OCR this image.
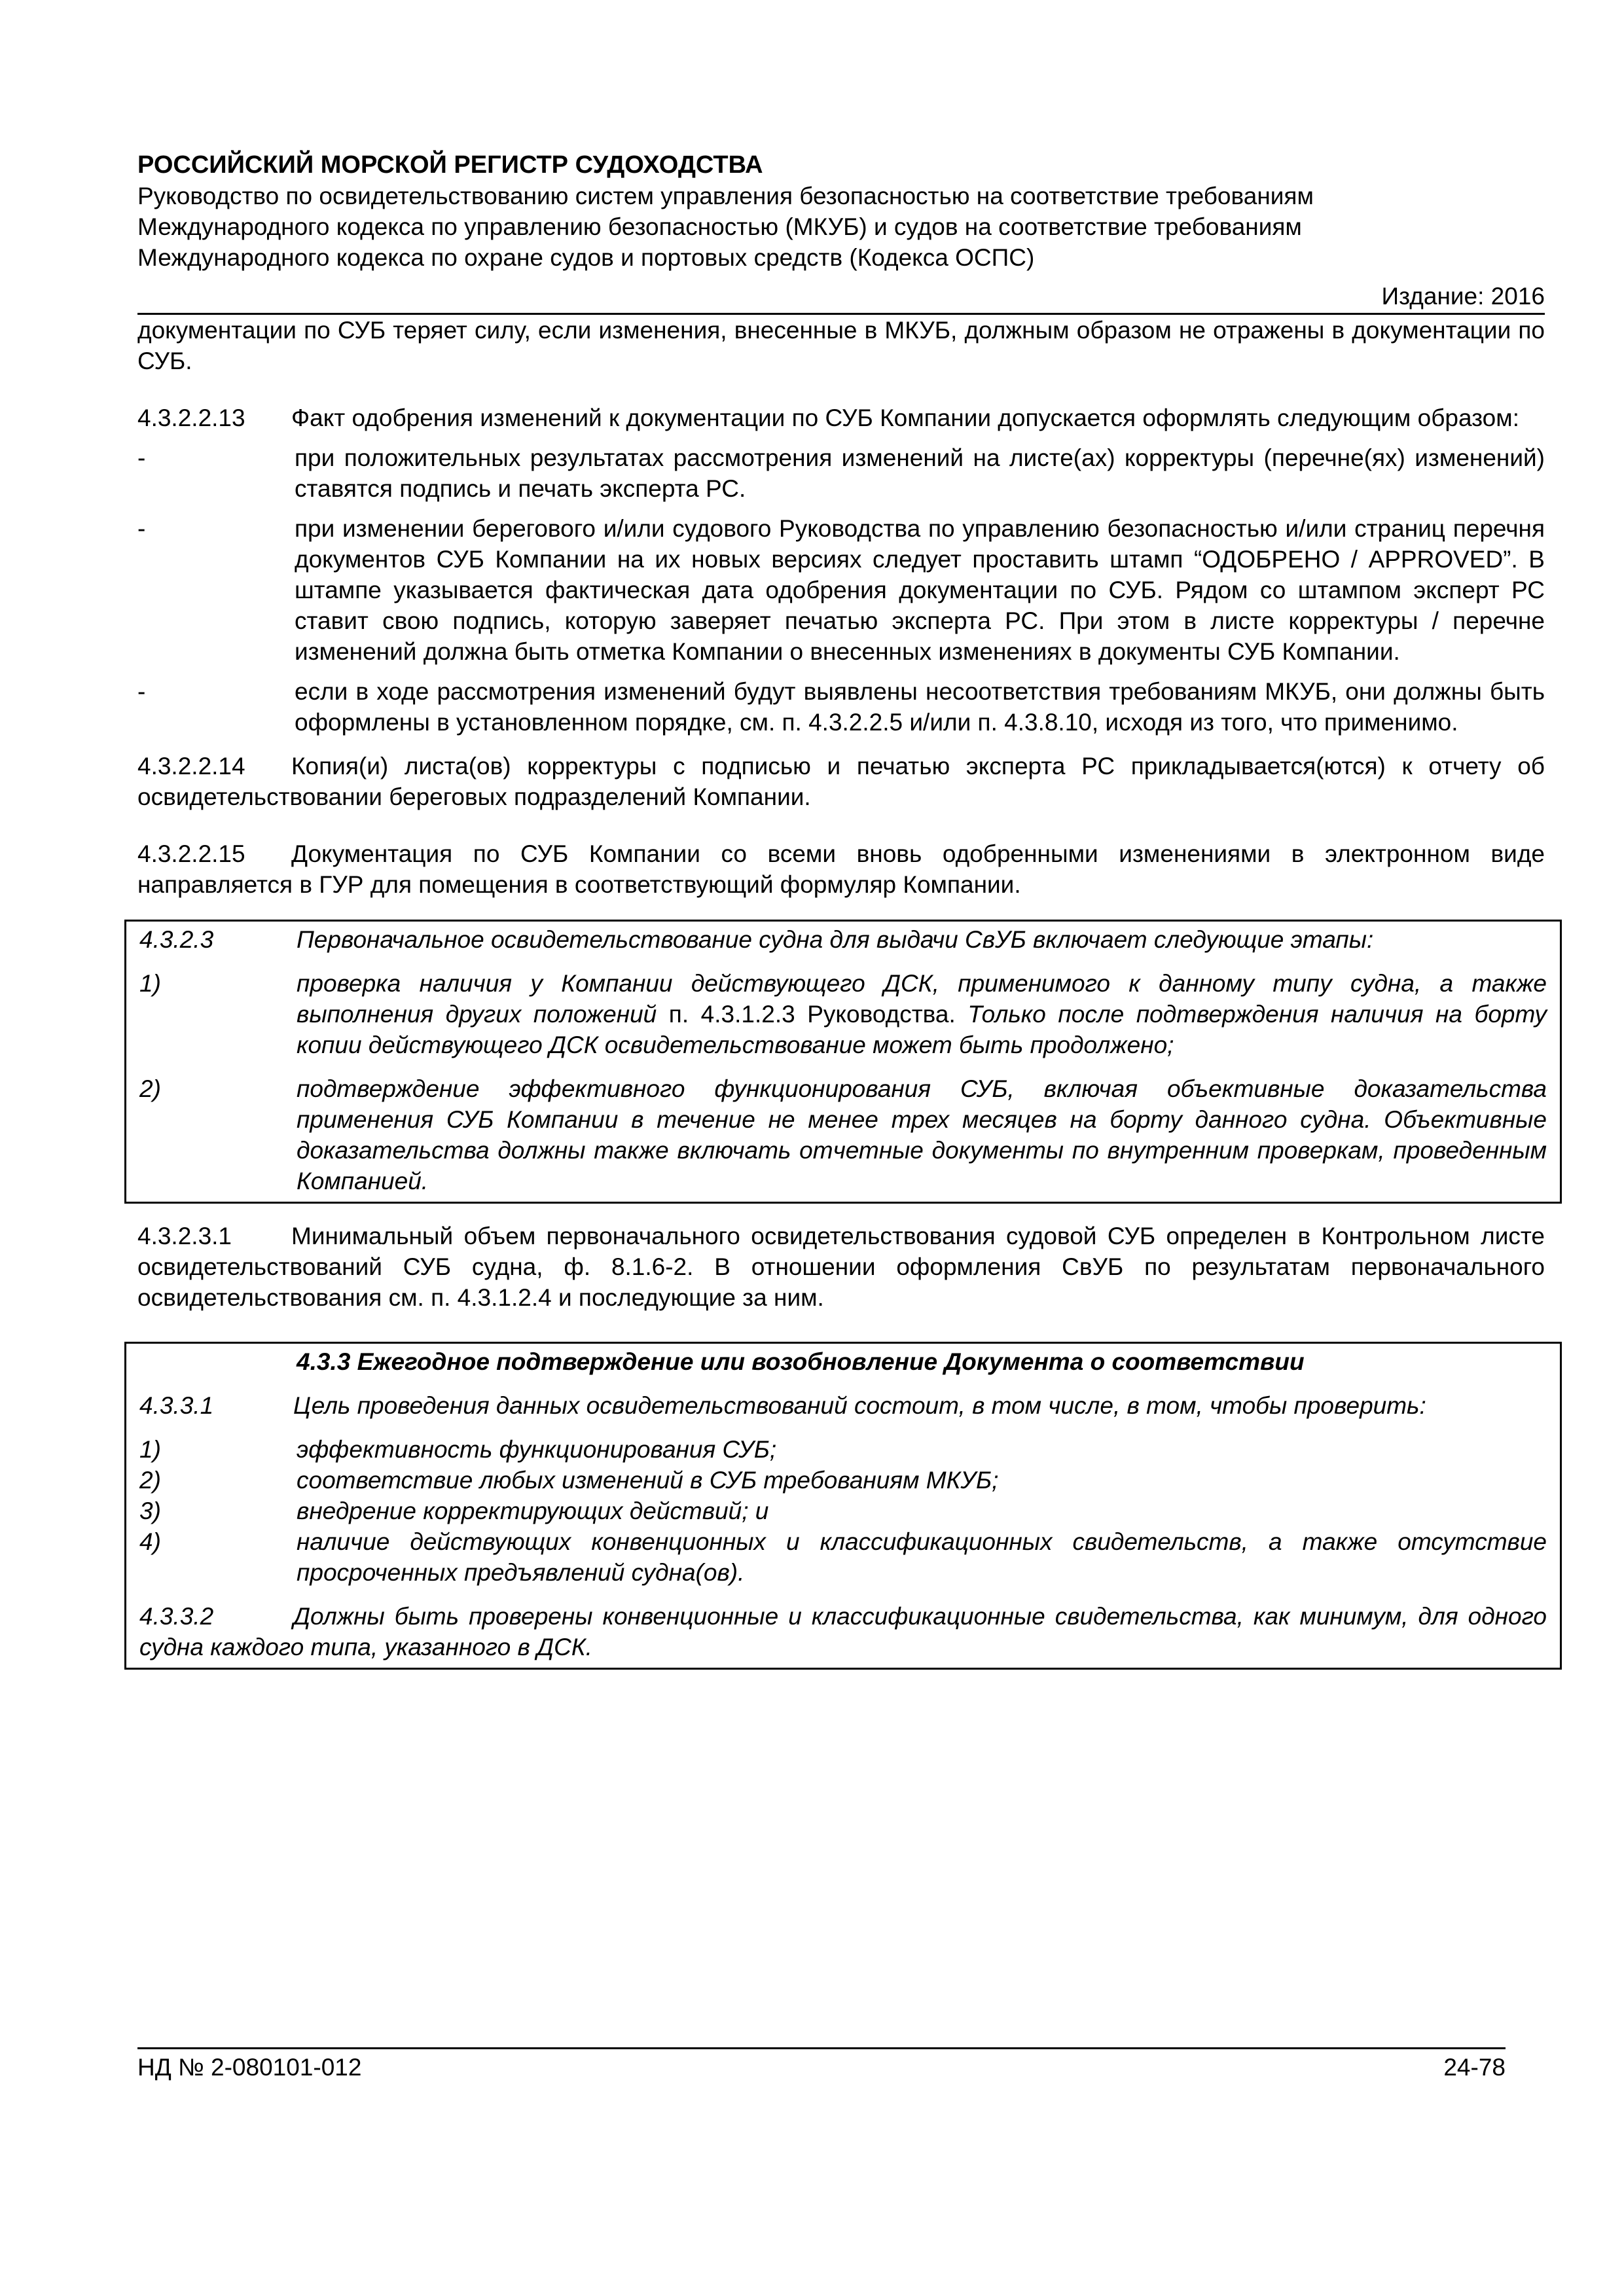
РОССИЙСКИЙ МОРСКОЙ РЕГИСТР СУДОХОДСТВА
Руководство по освидетельствованию систем управления безопасностью на соответствие требованиям
Международного кодекса по управлению безопасностью (МКУБ) и судов на соответствие требованиям
Международного кодекса по охране судов и портовых средств (Кодекса ОСПС)
Издание: 2016
документации по СУБ теряет силу, если изменения, внесенные в МКУБ, должным образом не отражены в документации по СУБ.
4.3.2.2.13 Факт одобрения изменений к документации по СУБ Компании допускается оформлять следующим образом:
-	при положительных результатах рассмотрения изменений на листе(ах) корректуры (перечне(ях) изменений) ставятся подпись и печать эксперта РС.
-	при изменении берегового и/или судового Руководства по управлению безопасностью и/или страниц перечня документов СУБ Компании на их новых версиях следует проставить штамп “ОДОБРЕНО / APPROVED”. В штампе указывается фактическая дата одобрения документации по СУБ. Рядом со штампом эксперт РС ставит свою подпись, которую заверяет печатью эксперта РС. При этом в листе корректуры / перечне изменений должна быть отметка Компании о внесенных изменениях в документы СУБ Компании.
-	если в ходе рассмотрения изменений будут выявлены несоответствия требованиям МКУБ, они должны быть оформлены в установленном порядке, см. п. 4.3.2.2.5 и/или п. 4.3.8.10, исходя из того, что применимо.
4.3.2.2.14 Копия(и) листа(ов) корректуры с подписью и печатью эксперта РС прикладывается(ются) к отчету об освидетельствовании береговых подразделений Компании.
4.3.2.2.15 Документация по СУБ Компании со всеми вновь одобренными изменениями в электронном виде направляется в ГУР для помещения в соответствующий формуляр Компании.
4.3.2.3	Первоначальное освидетельствование судна для выдачи СвУБ включает следующие этапы:
1)	проверка наличия у Компании действующего ДСК, применимого к данному типу судна, а также выполнения других положений п. 4.3.1.2.3 Руководства. Только после подтверждения наличия на борту копии действующего ДСК освидетельствование может быть продолжено;
2)	подтверждение эффективного функционирования СУБ, включая объективные доказательства применения СУБ Компании в течение не менее трех месяцев на борту данного судна. Объективные доказательства должны также включать отчетные документы по внутренним проверкам, проведенным Компанией.
4.3.2.3.1 Минимальный объем первоначального освидетельствования судовой СУБ определен в Контрольном листе освидетельствований СУБ судна, ф. 8.1.6-2. В отношении оформления СвУБ по результатам первоначального освидетельствования см. п. 4.3.1.2.4 и последующие за ним.
4.3.3 Ежегодное подтверждение или возобновление Документа о соответствии
4.3.3.1	Цель проведения данных освидетельствований состоит, в том числе, в том, чтобы проверить:
1)	эффективность функционирования СУБ;
2)	соответствие любых изменений в СУБ требованиям МКУБ;
3)	внедрение корректирующих действий; и
4)	наличие действующих конвенционных и классификационных свидетельств, а также отсутствие просроченных предъявлений судна(ов).
4.3.3.2	Должны быть проверены конвенционные и классификационные свидетельства, как минимум, для одного судна каждого типа, указанного в ДСК.
НД № 2-080101-012	24-78
